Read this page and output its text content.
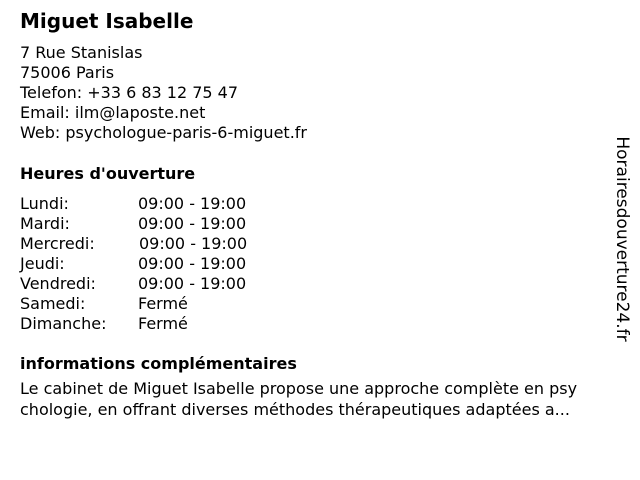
Miguet Isabelle
7 Rue Stanislas
75006 Paris
Telefon: +33 6 83 12 75 47
Email: ilm@laposte.net
Web: psychologue-paris-6-miguet.fr
Heures d'ouverture
Lundi:	09:00 - 19:00
Mardi:	09:00 - 19:00
Mercredi:	09:00 - 19:00
Jeudi:	09:00 - 19:00
Vendredi:	09:00 - 19:00
Samedi:	Fermé
Dimanche:	Fermé
informations complémentaires
Le cabinet de Miguet Isabelle propose une approche complète en psy
chologie, en offrant diverses méthodes thérapeutiques adaptées a...
Horairesdouverture24.fr
